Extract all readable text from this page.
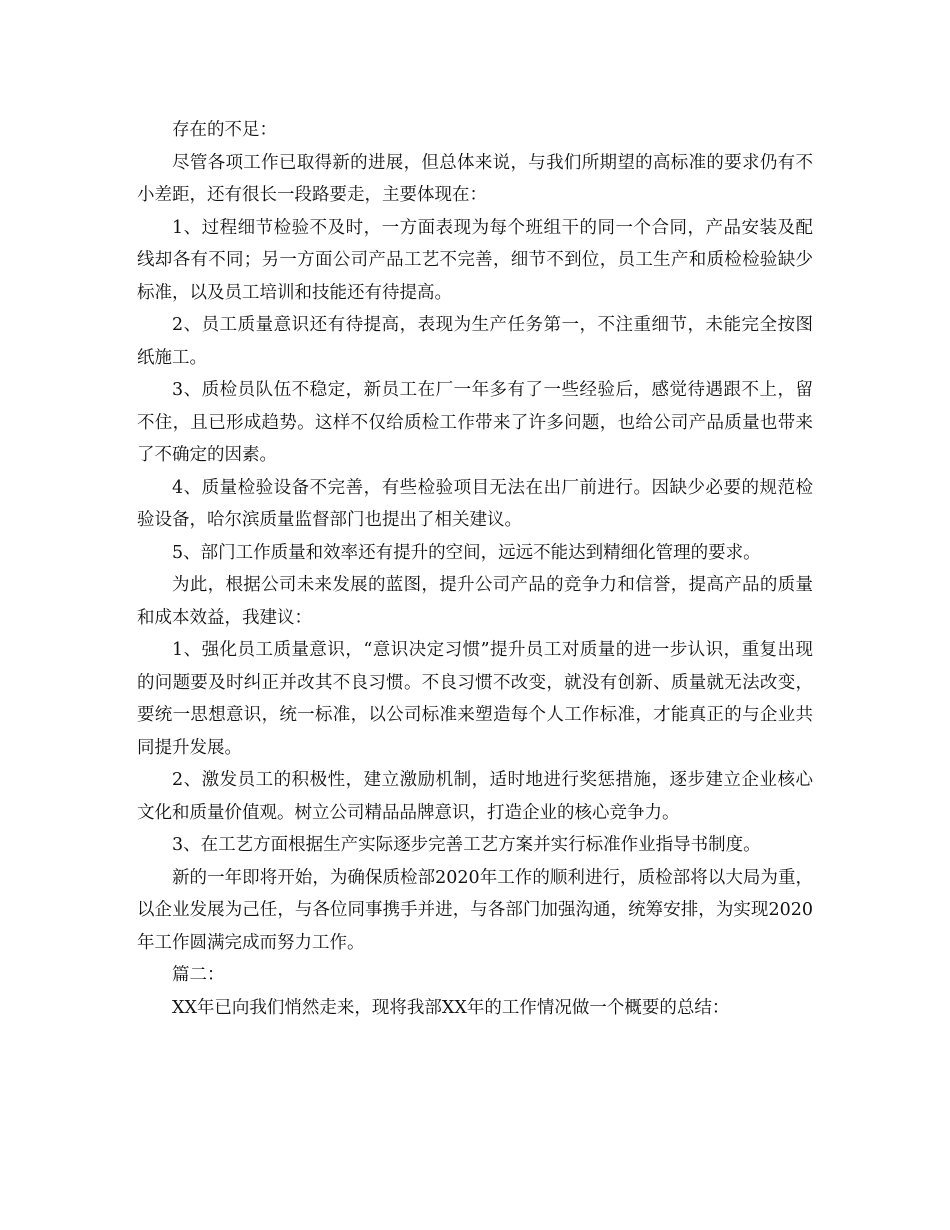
存在的不足：

尽管各项工作已取得新的进展，但总体来说，与我们所期望的高标准的要求仍有不小差距，还有很长一段路要走，主要体现在：

1、过程细节检验不及时，一方面表现为每个班组干的同一个合同，产品安装及配线却各有不同；另一方面公司产品工艺不完善，细节不到位，员工生产和质检检验缺少标准，以及员工培训和技能还有待提高。

2、员工质量意识还有待提高，表现为生产任务第一，不注重细节，未能完全按图纸施工。

3、质检员队伍不稳定，新员工在厂一年多有了一些经验后，感觉待遇跟不上，留不住，且已形成趋势。这样不仅给质检工作带来了许多问题，也给公司产品质量也带来了不确定的因素。

4、质量检验设备不完善，有些检验项目无法在出厂前进行。因缺少必要的规范检验设备，哈尔滨质量监督部门也提出了相关建议。

5、部门工作质量和效率还有提升的空间，远远不能达到精细化管理的要求。

为此，根据公司未来发展的蓝图，提升公司产品的竞争力和信誉，提高产品的质量和成本效益，我建议：

1、强化员工质量意识，“意识决定习惯”提升员工对质量的进一步认识，重复出现的问题要及时纠正并改其不良习惯。不良习惯不改变，就没有创新、质量就无法改变，要统一思想意识，统一标准，以公司标准来塑造每个人工作标准，才能真正的与企业共同提升发展。

2、激发员工的积极性，建立激励机制，适时地进行奖惩措施，逐步建立企业核心文化和质量价值观。树立公司精品品牌意识，打造企业的核心竞争力。

3、在工艺方面根据生产实际逐步完善工艺方案并实行标准作业指导书制度。

新的一年即将开始，为确保质检部2020年工作的顺利进行，质检部将以大局为重，以企业发展为己任，与各位同事携手并进，与各部门加强沟通，统筹安排，为实现2020年工作圆满完成而努力工作。

篇二：

XX年已向我们悄然走来，现将我部XX年的工作情况做一个概要的总结：
